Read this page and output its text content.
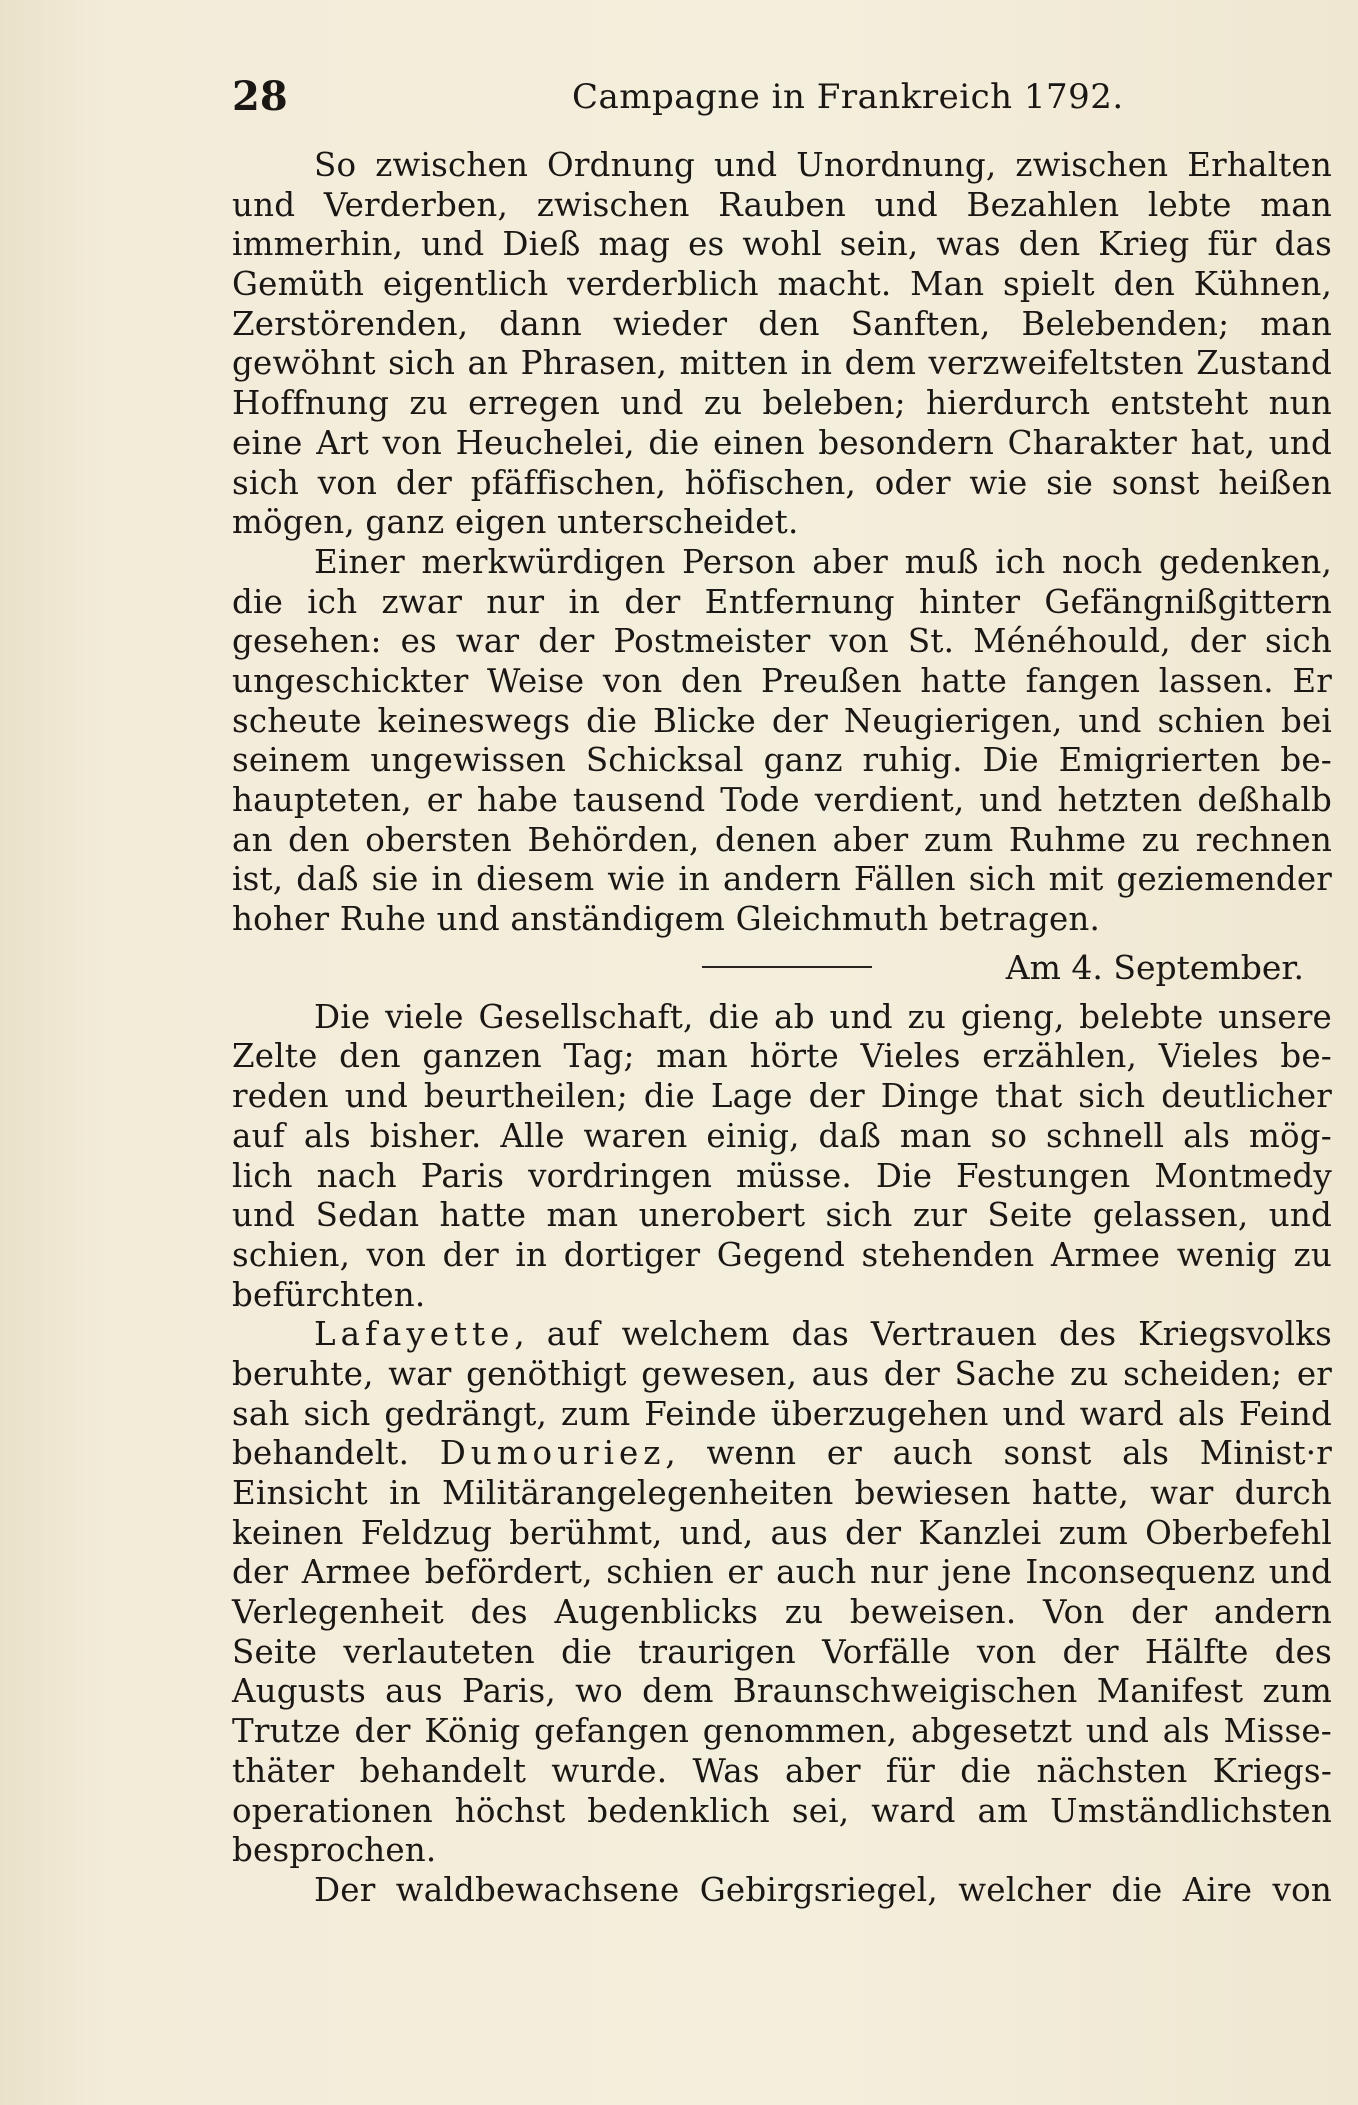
28	Campagne in Frankreich 1792.
So zwischen Ordnung und Unordnung, zwischen Erhalten
und Verderben, zwischen Rauben und Bezahlen lebte man
immerhin, und Dieß mag es wohl sein, was den Krieg für das
Gemüth eigentlich verderblich macht. Man spielt den Kühnen,
Zerstörenden, dann wieder den Sanften, Belebenden; man
gewöhnt sich an Phrasen, mitten in dem verzweifeltsten Zustand
Hoffnung zu erregen und zu beleben; hierdurch entsteht nun
eine Art von Heuchelei, die einen besondern Charakter hat, und
sich von der pfäffischen, höfischen, oder wie sie sonst heißen
mögen, ganz eigen unterscheidet.
Einer merkwürdigen Person aber muß ich noch gedenken,
die ich zwar nur in der Entfernung hinter Gefängnißgittern
gesehen: es war der Postmeister von St. Ménéhould, der sich
ungeschickter Weise von den Preußen hatte fangen lassen. Er
scheute keineswegs die Blicke der Neugierigen, und schien bei
seinem ungewissen Schicksal ganz ruhig. Die Emigrierten be-
haupteten, er habe tausend Tode verdient, und hetzten deßhalb
an den obersten Behörden, denen aber zum Ruhme zu rechnen
ist, daß sie in diesem wie in andern Fällen sich mit geziemender
hoher Ruhe und anständigem Gleichmuth betragen.
Am 4. September.
Die viele Gesellschaft, die ab und zu gieng, belebte unsere
Zelte den ganzen Tag; man hörte Vieles erzählen, Vieles be-
reden und beurtheilen; die Lage der Dinge that sich deutlicher
auf als bisher. Alle waren einig, daß man so schnell als mög-
lich nach Paris vordringen müsse. Die Festungen Montmedy
und Sedan hatte man unerobert sich zur Seite gelassen, und
schien, von der in dortiger Gegend stehenden Armee wenig zu
befürchten.
Lafayette, auf welchem das Vertrauen des Kriegsvolks
beruhte, war genöthigt gewesen, aus der Sache zu scheiden; er
sah sich gedrängt, zum Feinde überzugehen und ward als Feind
behandelt. Dumouriez, wenn er auch sonst als Minist·r
Einsicht in Militärangelegenheiten bewiesen hatte, war durch
keinen Feldzug berühmt, und, aus der Kanzlei zum Oberbefehl
der Armee befördert, schien er auch nur jene Inconsequenz und
Verlegenheit des Augenblicks zu beweisen. Von der andern
Seite verlauteten die traurigen Vorfälle von der Hälfte des
Augusts aus Paris, wo dem Braunschweigischen Manifest zum
Trutze der König gefangen genommen, abgesetzt und als Misse-
thäter behandelt wurde. Was aber für die nächsten Kriegs-
operationen höchst bedenklich sei, ward am Umständlichsten
besprochen.
Der waldbewachsene Gebirgsriegel, welcher die Aire von
